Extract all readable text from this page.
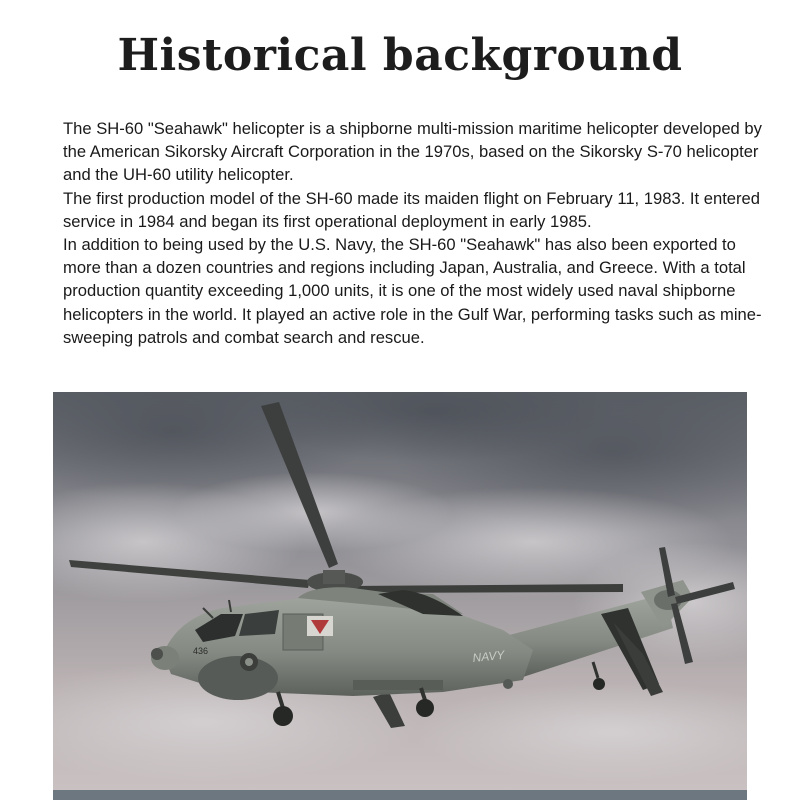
Historical background

The SH-60 "Seahawk" helicopter is a shipborne multi-mission maritime helicopter developed by the American Sikorsky Aircraft Corporation in the 1970s, based on the Sikorsky S-70 helicopter and the UH-60 utility helicopter.

The first production model of the SH-60 made its maiden flight on February 11, 1983. It entered service in 1984 and began its first operational deployment in early 1985.

In addition to being used by the U.S. Navy, the SH-60 "Seahawk" has also been exported to more than a dozen countries and regions including Japan, Australia, and Greece. With a total production quantity exceeding 1,000 units, it is one of the most widely used naval shipborne helicopters in the world. It played an active role in the Gulf War, performing tasks such as mine-sweeping patrols and combat search and rescue.

436	NAVY
